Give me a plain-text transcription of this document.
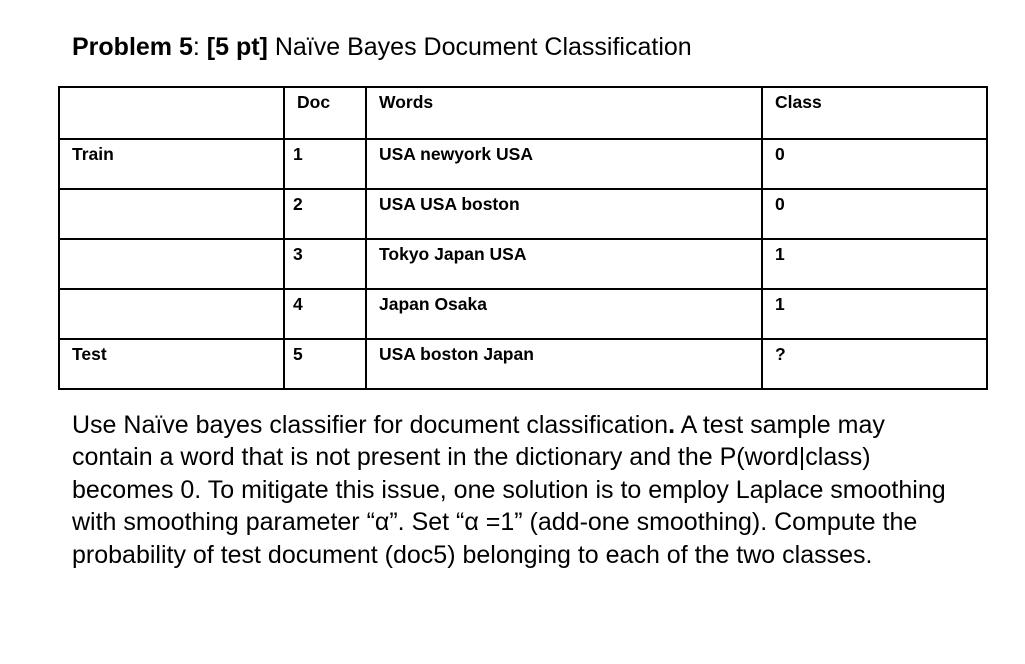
Problem 5: [5 pt] Naïve Bayes Document Classification
	Doc	Words	Class
Train	1	USA newyork USA	0
	2	USA USA boston	0
	3	Tokyo Japan USA	1
	4	Japan Osaka	1
Test	5	USA boston Japan	?
Use Naïve bayes classifier for document classification. A test sample may contain a word that is not present in the dictionary and the P(word|class) becomes 0. To mitigate this issue, one solution is to employ Laplace smoothing with smoothing parameter “α”. Set “α =1” (add-one smoothing). Compute the probability of test document (doc5) belonging to each of the two classes.
